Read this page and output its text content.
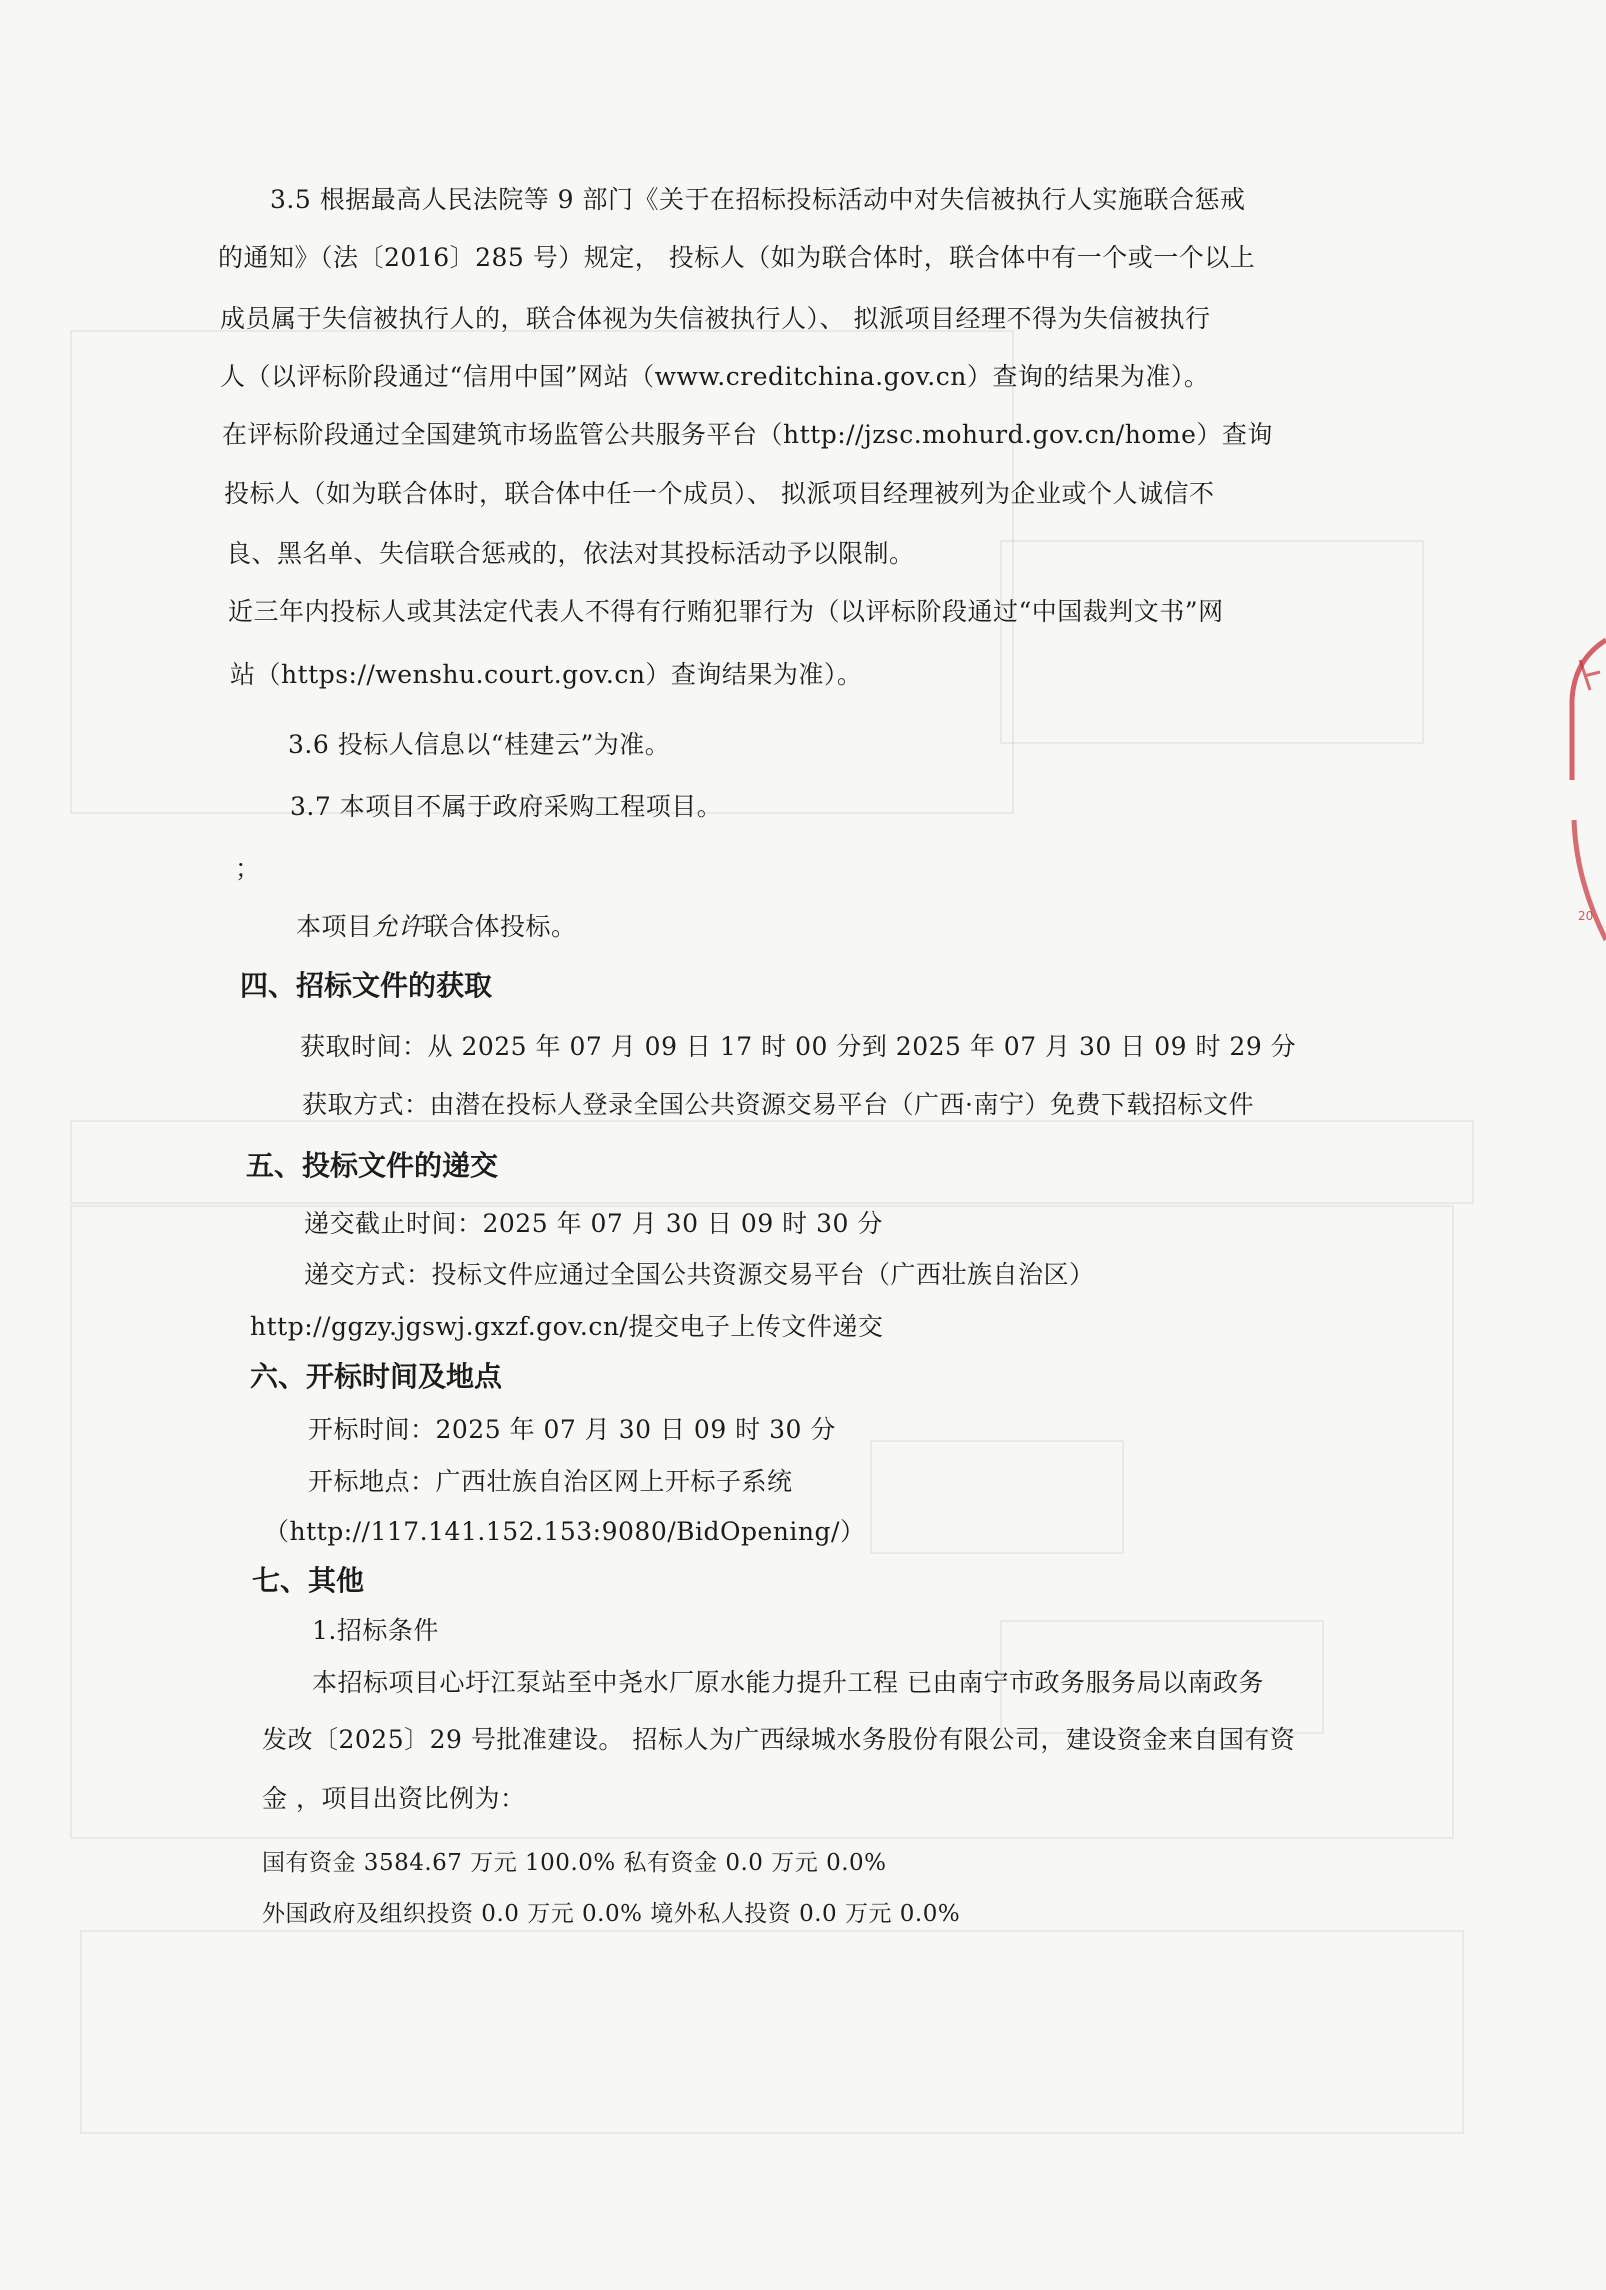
3.5 根据最高人民法院等 9 部门《关于在招标投标活动中对失信被执行人实施联合惩戒
的通知》（法〔2016〕285 号）规定， 投标人（如为联合体时，联合体中有一个或一个以上
成员属于失信被执行人的，联合体视为失信被执行人）、 拟派项目经理不得为失信被执行
人（以评标阶段通过“信用中国”网站（www.creditchina.gov.cn）查询的结果为准）。
在评标阶段通过全国建筑市场监管公共服务平台（http://jzsc.mohurd.gov.cn/home）查询
投标人（如为联合体时，联合体中任一个成员）、 拟派项目经理被列为企业或个人诚信不
良、黑名单、失信联合惩戒的，依法对其投标活动予以限制。
近三年内投标人或其法定代表人不得有行贿犯罪行为（以评标阶段通过“中国裁判文书”网
站（https://wenshu.court.gov.cn）查询结果为准）。
3.6 投标人信息以“桂建云”为准。
3.7 本项目不属于政府采购工程项目。
；
本项目允许联合体投标。
四、招标文件的获取
获取时间：从 2025 年 07 月 09 日 17 时 00 分到 2025 年 07 月 30 日 09 时 29 分
获取方式：由潜在投标人登录全国公共资源交易平台（广西·南宁）免费下载招标文件
五、投标文件的递交
递交截止时间：2025 年 07 月 30 日 09 时 30 分
递交方式：投标文件应通过全国公共资源交易平台（广西壮族自治区）
http://ggzy.jgswj.gxzf.gov.cn/提交电子上传文件递交
六、开标时间及地点
开标时间：2025 年 07 月 30 日 09 时 30 分
开标地点：广西壮族自治区网上开标子系统
（http://117.141.152.153:9080/BidOpening/）
七、其他
1.招标条件
本招标项目心圩江泵站至中尧水厂原水能力提升工程 已由南宁市政务服务局以南政务
发改〔2025〕29 号批准建设。 招标人为广西绿城水务股份有限公司，建设资金来自国有资
金 ，项目出资比例为：
国有资金 3584.67 万元 100.0% 私有资金 0.0 万元 0.0%
外国政府及组织投资 0.0 万元 0.0% 境外私人投资 0.0 万元 0.0%
20
